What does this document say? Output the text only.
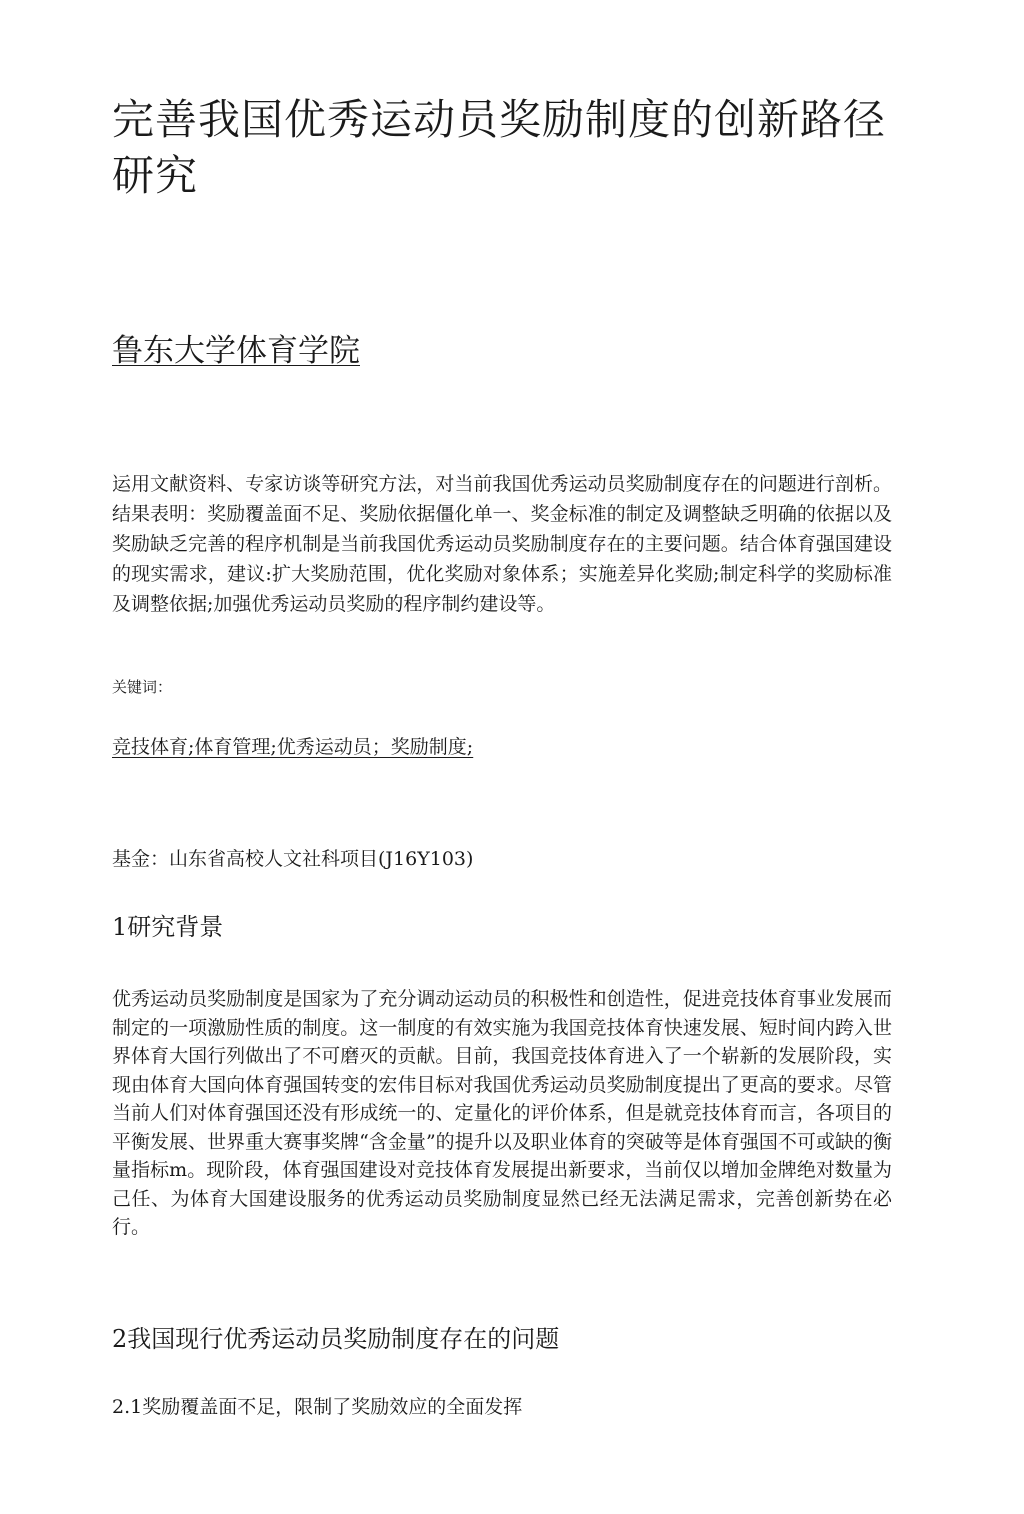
完善我国优秀运动员奖励制度的创新路径研究

鲁东大学体育学院

运用文献资料、专家访谈等研究方法，对当前我国优秀运动员奖励制度存在的问题进行剖析。结果表明：奖励覆盖面不足、奖励依据僵化单一、奖金标准的制定及调整缺乏明确的依据以及奖励缺乏完善的程序机制是当前我国优秀运动员奖励制度存在的主要问题。结合体育强国建设的现实需求，建议:扩大奖励范围，优化奖励对象体系；实施差异化奖励;制定科学的奖励标准及调整依据;加强优秀运动员奖励的程序制约建设等。

关键词：

竞技体育;体育管理;优秀运动员；奖励制度;

基金：山东省高校人文社科项目(J16Y103)

1研究背景

优秀运动员奖励制度是国家为了充分调动运动员的积极性和创造性，促进竞技体育事业发展而制定的一项激励性质的制度。这一制度的有效实施为我国竞技体育快速发展、短时间内跨入世界体育大国行列做出了不可磨灭的贡献。目前，我国竞技体育进入了一个崭新的发展阶段，实现由体育大国向体育强国转变的宏伟目标对我国优秀运动员奖励制度提出了更高的要求。尽管当前人们对体育强国还没有形成统一的、定量化的评价体系，但是就竞技体育而言，各项目的平衡发展、世界重大赛事奖牌“含金量”的提升以及职业体育的突破等是体育强国不可或缺的衡量指标m。现阶段，体育强国建设对竞技体育发展提出新要求，当前仅以增加金牌绝对数量为己任、为体育大国建设服务的优秀运动员奖励制度显然已经无法满足需求，完善创新势在必行。

2我国现行优秀运动员奖励制度存在的问题
2.1奖励覆盖面不足，限制了奖励效应的全面发挥
